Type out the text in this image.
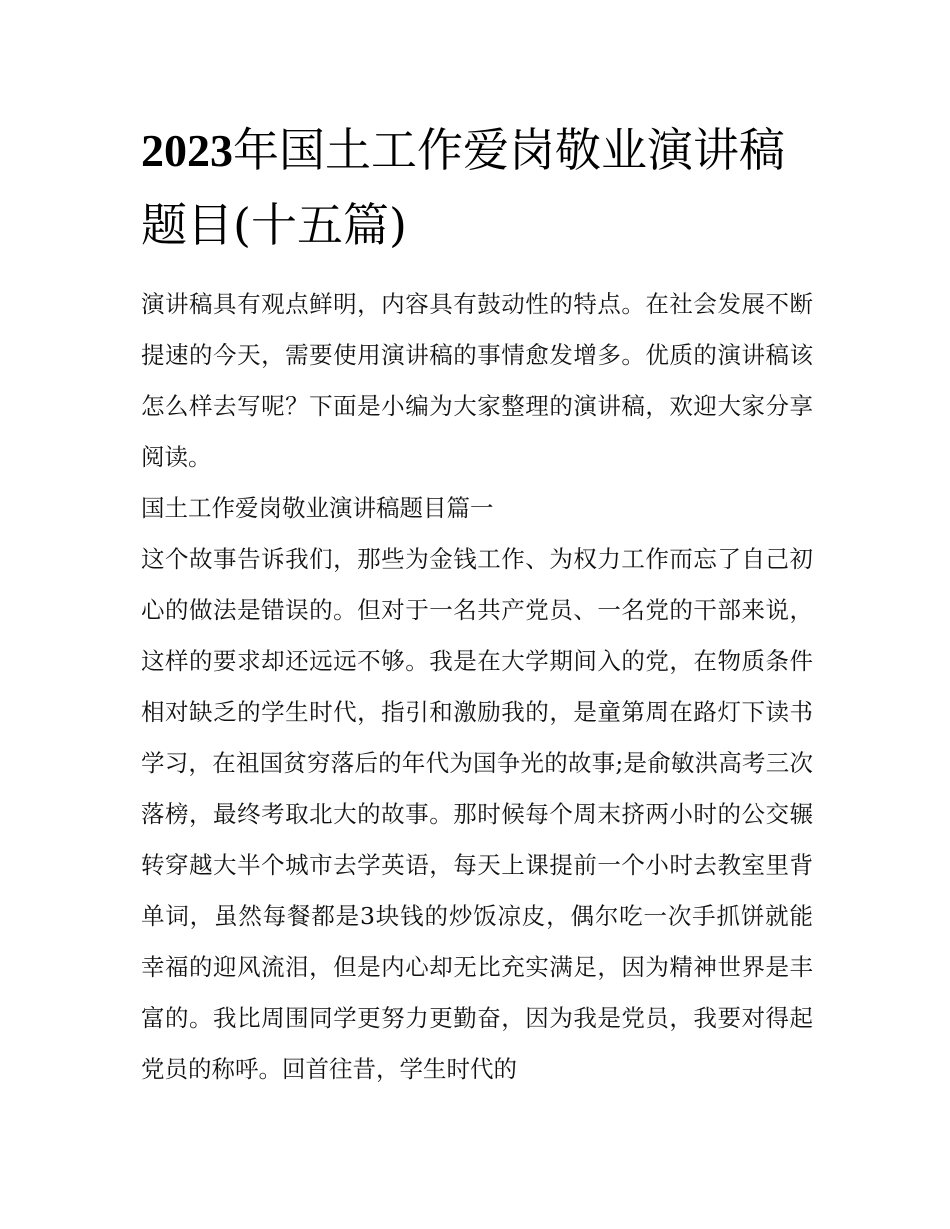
2023年国土工作爱岗敬业演讲稿题目(十五篇)

演讲稿具有观点鲜明，内容具有鼓动性的特点。在社会发展不断提速的今天，需要使用演讲稿的事情愈发增多。优质的演讲稿该怎么样去写呢？下面是小编为大家整理的演讲稿，欢迎大家分享阅读。

国土工作爱岗敬业演讲稿题目篇一

这个故事告诉我们，那些为金钱工作、为权力工作而忘了自己初心的做法是错误的。但对于一名共产党员、一名党的干部来说，这样的要求却还远远不够。我是在大学期间入的党，在物质条件相对缺乏的学生时代，指引和激励我的，是童第周在路灯下读书学习，在祖国贫穷落后的年代为国争光的故事;是俞敏洪高考三次落榜，最终考取北大的故事。那时候每个周末挤两小时的公交辗转穿越大半个城市去学英语，每天上课提前一个小时去教室里背单词，虽然每餐都是3块钱的炒饭凉皮，偶尔吃一次手抓饼就能幸福的迎风流泪，但是内心却无比充实满足，因为精神世界是丰富的。我比周围同学更努力更勤奋，因为我是党员，我要对得起党员的称呼。回首往昔，学生时代的
